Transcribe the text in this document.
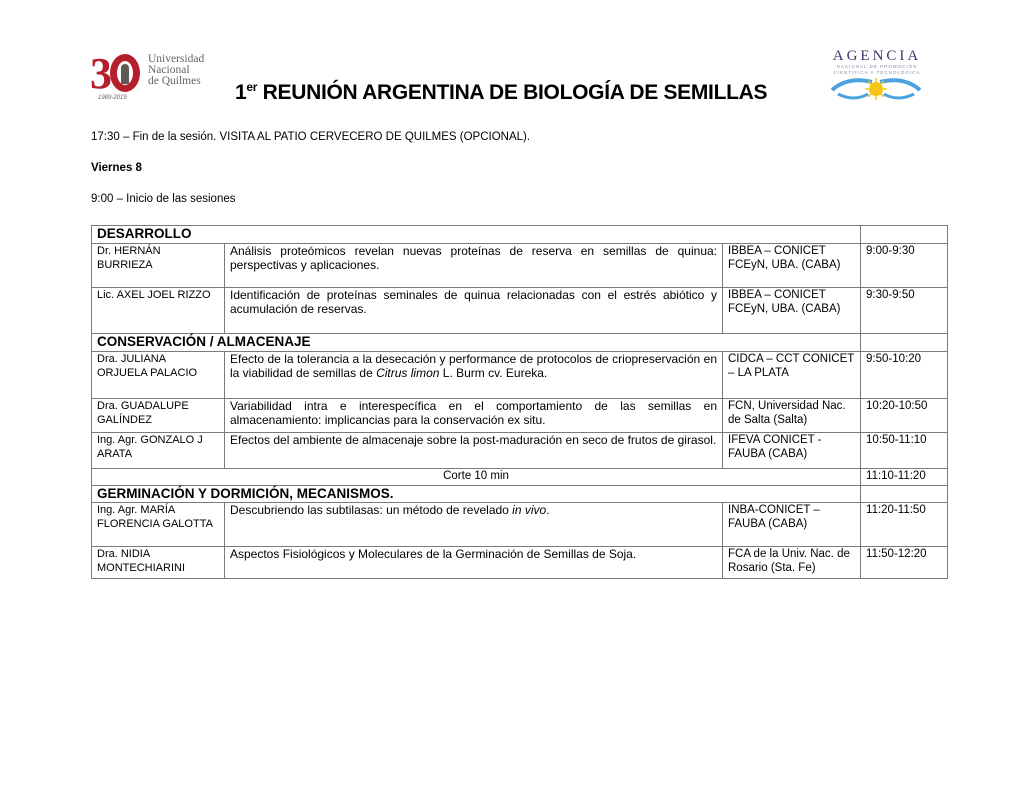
3	Universidad
Nacional
de Quilmes
1989-2019	1er REUNIÓN ARGENTINA DE BIOLOGÍA DE SEMILLAS
AGENCIA
NACIONAL DE PROMOCIÓN
CIENTÍFICA Y TECNOLÓGICA
17:30 – Fin de la sesión. VISITA AL PATIO CERVECERO DE QUILMES (OPCIONAL).
Viernes 8
9:00 – Inicio de las sesiones
DESARROLLO			
Dr. HERNÁN BURRIEZA	Análisis proteómicos revelan nuevas proteínas de reserva en semillas de quinua: perspectivas y aplicaciones.	IBBEA – CONICET FCEyN, UBA. (CABA)	9:00-9:30
Lic. AXEL JOEL RIZZO	Identificación de proteínas seminales de quinua relacionadas con el estrés abiótico y acumulación de reservas.	IBBEA – CONICET FCEyN, UBA. (CABA)	9:30-9:50
CONSERVACIÓN / ALMACENAJE			
Dra. JULIANA ORJUELA PALACIO	Efecto de la tolerancia a la desecación y performance de protocolos de criopreservación en la viabilidad de semillas de Citrus limon L. Burm cv. Eureka.	CIDCA – CCT CONICET – LA PLATA	9:50-10:20
Dra. GUADALUPE GALÍNDEZ	Variabilidad intra e interespecífica en el comportamiento de las semillas en almacenamiento: implicancias para la conservación ex situ.	FCN, Universidad Nac. de Salta (Salta)	10:20-10:50
Ing. Agr. GONZALO J ARATA	Efectos del ambiente de almacenaje sobre la post-maduración en seco de frutos de girasol.	IFEVA CONICET - FAUBA (CABA)	10:50-11:10
Corte 10 min			11:10-11:20
GERMINACIÓN Y DORMICIÓN, MECANISMOS.			
Ing. Agr. MARÍA FLORENCIA GALOTTA	Descubriendo las subtilasas: un método de revelado in vivo.	INBA-CONICET – FAUBA (CABA)	11:20-11:50
Dra. NIDIA MONTECHIARINI	Aspectos Fisiológicos y Moleculares de la Germinación de Semillas de Soja.	FCA de la Univ. Nac. de Rosario (Sta. Fe)	11:50-12:20
